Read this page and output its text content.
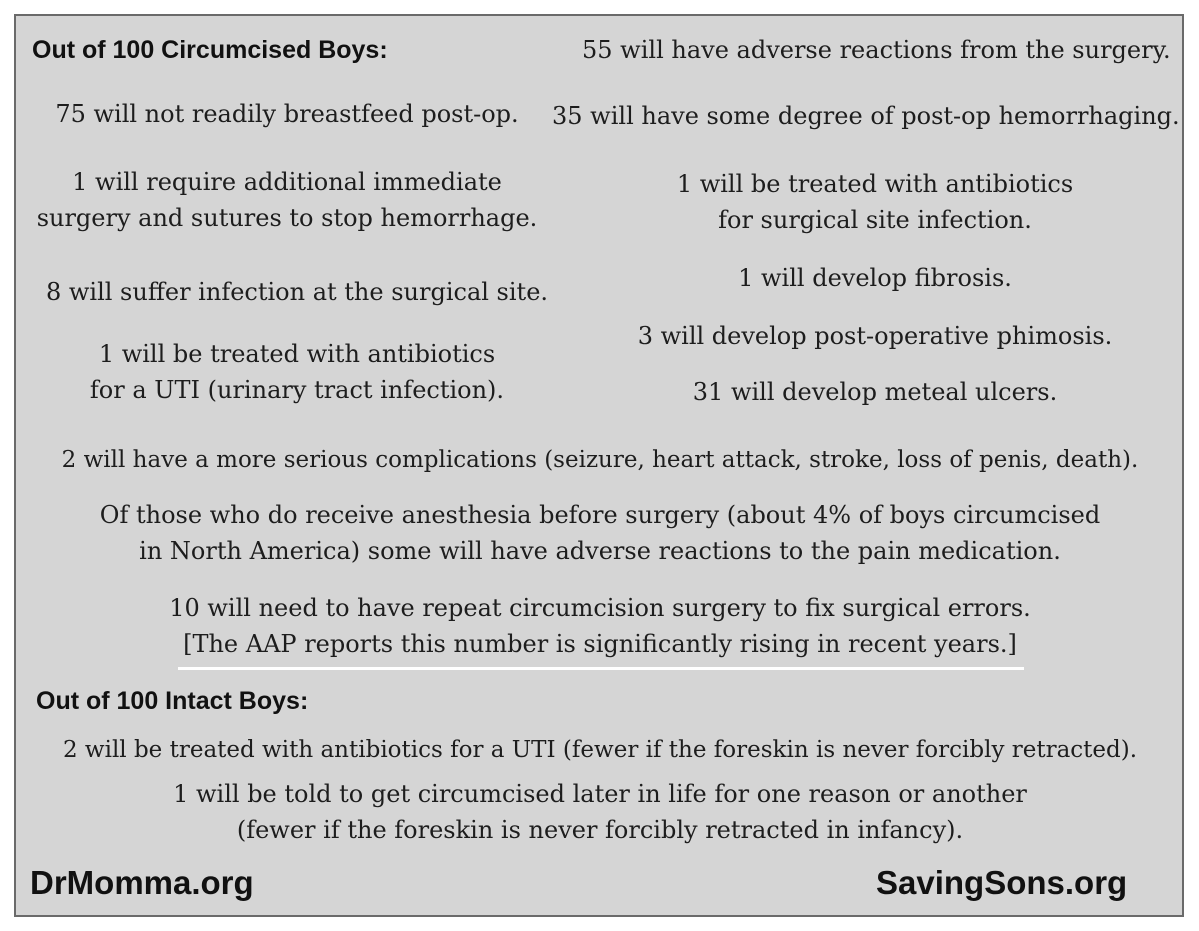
Out of 100 Circumcised Boys:
75 will not readily breastfeed post-op.
1 will require additional immediate
surgery and sutures to stop hemorrhage.
8 will suffer infection at the surgical site.
1 will be treated with antibiotics
for a UTI (urinary tract infection).
55 will have adverse reactions from the surgery.
35 will have some degree of post-op hemorrhaging.
1 will be treated with antibiotics
for surgical site infection.
1 will develop fibrosis.
3 will develop post-operative phimosis.
31 will develop meteal ulcers.
2 will have a more serious complications (seizure, heart attack, stroke, loss of penis, death).
Of those who do receive anesthesia before surgery (about 4% of boys circumcised
in North America) some will have adverse reactions to the pain medication.
10 will need to have repeat circumcision surgery to fix surgical errors.
[The AAP reports this number is significantly rising in recent years.]
Out of 100 Intact Boys:
2 will be treated with antibiotics for a UTI (fewer if the foreskin is never forcibly retracted).
1 will be told to get circumcised later in life for one reason or another
(fewer if the foreskin is never forcibly retracted in infancy).
DrMomma.org	SavingSons.org
